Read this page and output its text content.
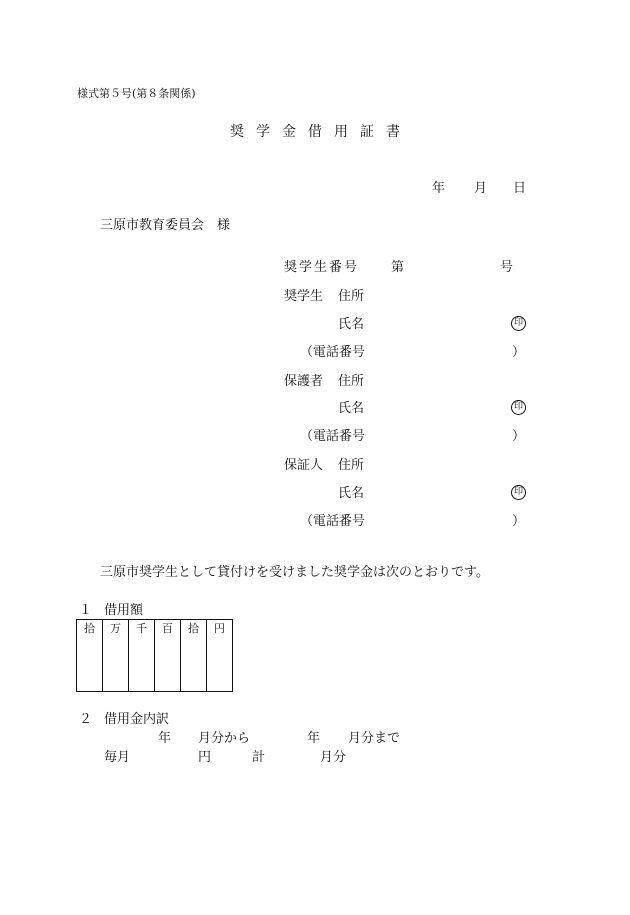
様式第５号(第８条関係)
奨学金借用証書
年 月 日
三原市教育委員会　様
奨学生番号 第	号
奨学生 住所
氏名	印
（電話番号	）
保護者 住所
氏名	印
（電話番号	）
保証人 住所
氏名	印
（電話番号	）
三原市奨学生として貸付けを受けました奨学金は次のとおりです。
１ 借用額
拾	万	千	百	拾	円

２ 借用金内訳
年 月分から	年 月分まで
毎月	円	計	月分
